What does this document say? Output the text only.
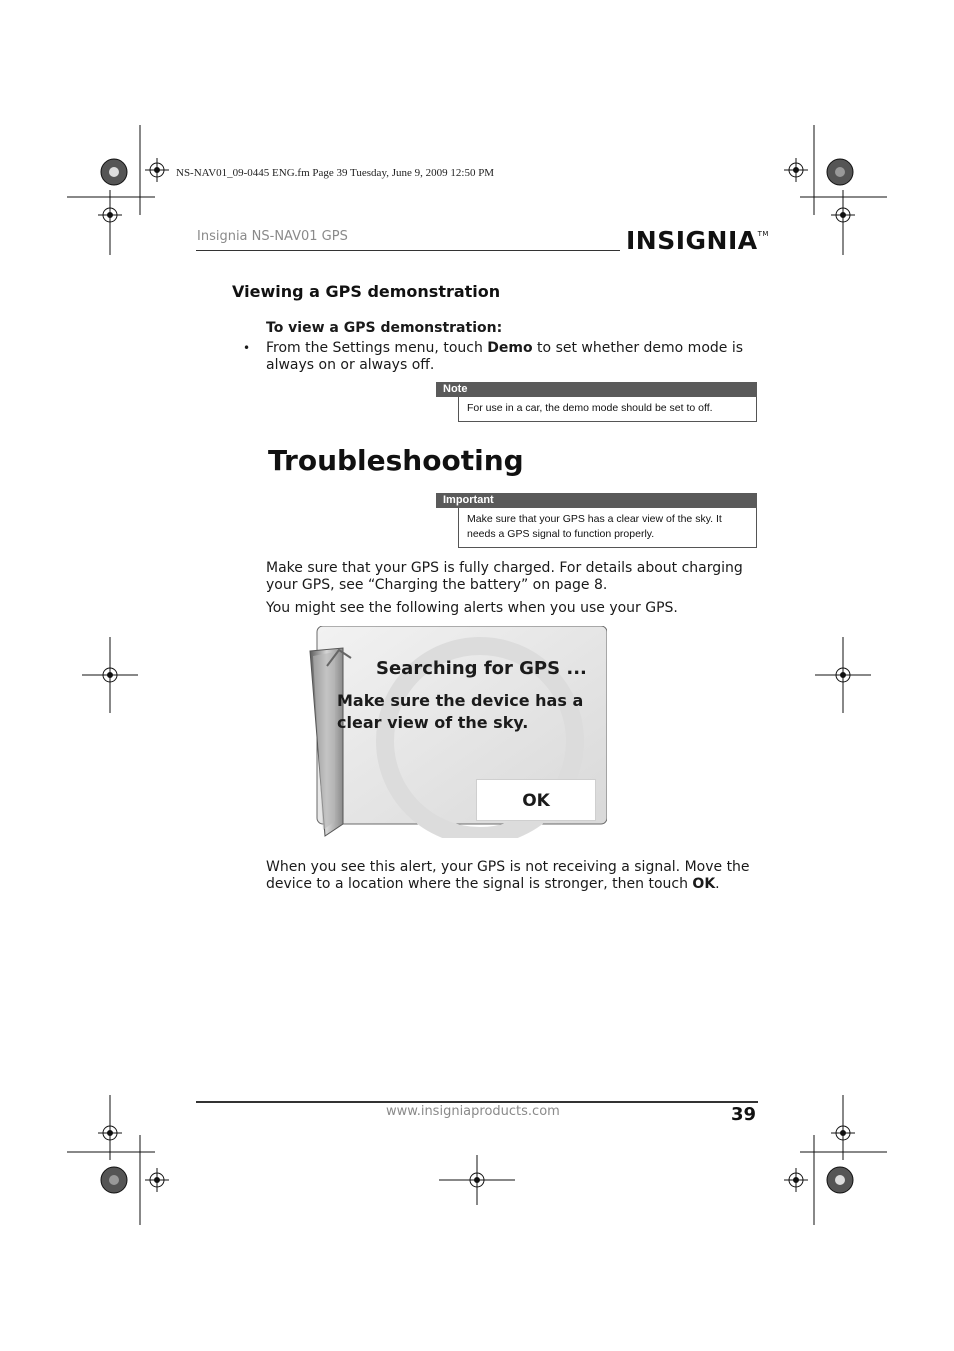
NS-NAV01_09-0445 ENG.fm Page 39 Tuesday, June 9, 2009 12:50 PM
Insignia NS-NAV01 GPS	INSIGNIA™
Viewing a GPS demonstration
To view a GPS demonstration:
• From the Settings menu, touch Demo to set whether demo mode is always on or always off.
Note
For use in a car, the demo mode should be set to off.
Troubleshooting
Important
Make sure that your GPS has a clear view of the sky. It needs a GPS signal to function properly.
Make sure that your GPS is fully charged. For details about charging your GPS, see “Charging the battery” on page 8.
You might see the following alerts when you use your GPS.
Searching for GPS ...
Make sure the device has a clear view of the sky.
OK
When you see this alert, your GPS is not receiving a signal. Move the device to a location where the signal is stronger, then touch OK.
www.insigniaproducts.com	39
